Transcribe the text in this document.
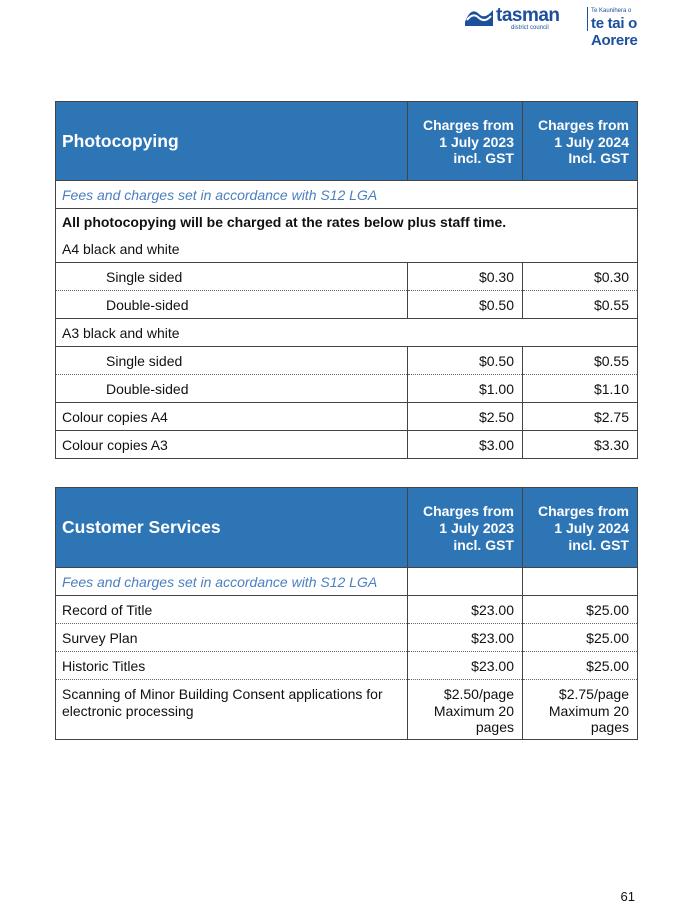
tasman
district council
Te Kaunihera o
te tai o Aorere
Photocopying	Charges from 1 July 2023 incl. GST	Charges from 1 July 2024 Incl. GST
Fees and charges set in accordance with S12 LGA		
All photocopying will be charged at the rates below plus staff time.		
A4 black and white		
Single sided	$0.30	$0.30
Double-sided	$0.50	$0.55
A3 black and white		
Single sided	$0.50	$0.55
Double-sided	$1.00	$1.10
Colour copies A4	$2.50	$2.75
Colour copies A3	$3.00	$3.30
Customer Services	Charges from 1 July 2023 incl. GST	Charges from 1 July 2024 incl. GST
Fees and charges set in accordance with S12 LGA		
Record of Title	$23.00	$25.00
Survey Plan	$23.00	$25.00
Historic Titles	$23.00	$25.00
Scanning of Minor Building Consent applications for electronic processing	$2.50/page Maximum 20 pages	$2.75/page Maximum 20 pages
61
